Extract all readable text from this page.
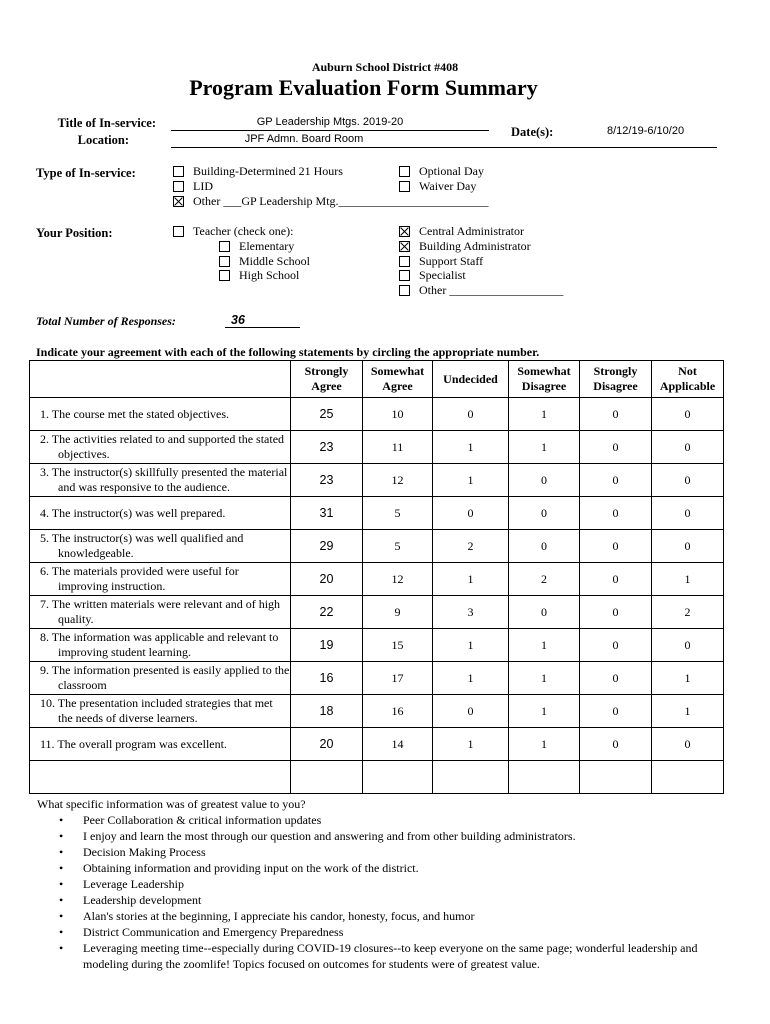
Auburn School District #408
Program Evaluation Form Summary
Title of In-service:
Location:
GP Leadership Mtgs. 2019-20
JPF Admn. Board Room	Date(s):	8/12/19-6/10/20
Type of In-service:	Building-Determined 21 Hours
LID
Other ___GP Leadership Mtg._________________________
Optional Day
Waiver Day
Your Position:	Teacher (check one):
Elementary
Middle School
High School
Central Administrator
Building Administrator
Support Staff
Specialist
Other ___________________
Total Number of Responses:	36
Indicate your agreement with each of the following statements by circling the appropriate number.
	Strongly Agree	Somewhat Agree	Undecided	Somewhat Disagree	Strongly Disagree	Not Applicable

1. The course met the stated objectives.	25	10	0	1	0	0

2. The activities related to and supported the stated objectives.	23	11	1	1	0	0

3. The instructor(s) skillfully presented the material and was responsive to the audience.	23	12	1	0	0	0

4. The instructor(s) was well prepared.	31	5	0	0	0	0

5. The instructor(s) was well qualified and knowledgeable.	29	5	2	0	0	0

6. The materials provided were useful for improving instruction.	20	12	1	2	0	1

7. The written materials were relevant and of high quality.	22	9	3	0	0	2

8. The information was applicable and relevant to improving student learning.	19	15	1	1	0	0

9. The information presented is easily applied to the classroom	16	17	1	1	0	1

10. The presentation included strategies that met the needs of diverse learners.	18	16	0	1	0	1

11. The overall program was excellent.	20	14	1	1	0	0

What specific information was of greatest value to you?
• Peer Collaboration & critical information updates
• I enjoy and learn the most through our question and answering and from other building administrators.
• Decision Making Process
• Obtaining information and providing input on the work of the district.
• Leverage Leadership
• Leadership development
• Alan's stories at the beginning, I appreciate his candor, honesty, focus, and humor
• District Communication and Emergency Preparedness
• Leveraging meeting time--especially during COVID-19 closures--to keep everyone on the same page; wonderful leadership and modeling during the zoomlife! Topics focused on outcomes for students were of greatest value.
